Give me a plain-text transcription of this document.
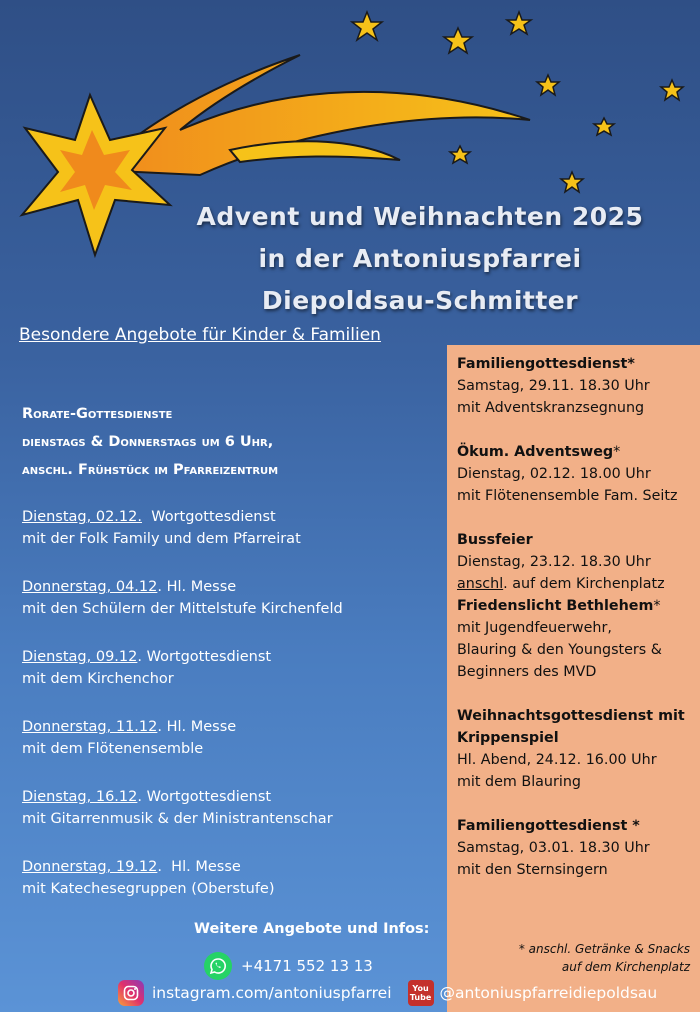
Advent und Weihnachten 2025
in der Antoniuspfarrei
Diepoldsau-Schmitter
Besondere Angebote für Kinder & Familien
Rorate-Gottesdienste
dienstags & Donnerstags um 6 Uhr,
anschl. Frühstück im Pfarreizentrum
Dienstag, 02.12.  Wortgottesdienst
mit der Folk Family und dem Pfarreirat
Donnerstag, 04.12. Hl. Messe
mit den Schülern der Mittelstufe Kirchenfeld
Dienstag, 09.12. Wortgottesdienst
mit dem Kirchenchor
Donnerstag, 11.12. Hl. Messe
mit dem Flötenensemble
Dienstag, 16.12. Wortgottesdienst
mit Gitarrenmusik & der Ministrantenschar
Donnerstag, 19.12.  Hl. Messe
mit Katechesegruppen (Oberstufe)
Familiengottesdienst*
Samstag, 29.11. 18.30 Uhr
mit Adventskranzsegnung
Ökum. Adventsweg*
Dienstag, 02.12. 18.00 Uhr
mit Flötenensemble Fam. Seitz
Bussfeier
Dienstag, 23.12. 18.30 Uhr
anschl. auf dem Kirchenplatz
Friedenslicht Bethlehem*
mit Jugendfeuerwehr,
Blauring & den Youngsters &
Beginners des MVD
Weihnachtsgottesdienst mit
Krippenspiel
Hl. Abend, 24.12. 16.00 Uhr
mit dem Blauring
Familiengottesdienst *
Samstag, 03.01. 18.30 Uhr
mit den Sternsingern
* anschl. Getränke & Snacks
auf dem Kirchenplatz
Weitere Angebote und Infos:
+4171 552 13 13
instagram.com/antoniuspfarrei	You
Tube @antoniuspfarreidiepoldsau
